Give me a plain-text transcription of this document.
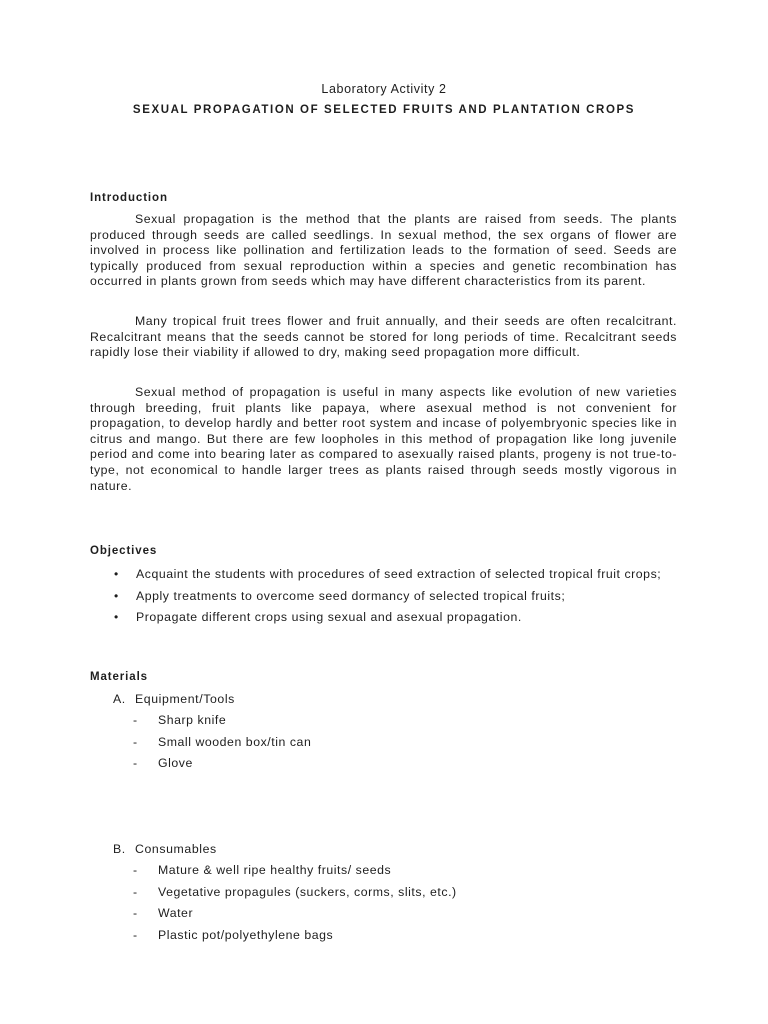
Laboratory Activity 2
SEXUAL PROPAGATION OF SELECTED FRUITS AND PLANTATION CROPS
Introduction

Sexual propagation is the method that the plants are raised from seeds. The plants produced through seeds are called seedlings. In sexual method, the sex organs of flower are involved in process like pollination and fertilization leads to the formation of seed. Seeds are typically produced from sexual reproduction within a species and genetic recombination has occurred in plants grown from seeds which may have different characteristics from its parent.

Many tropical fruit trees flower and fruit annually, and their seeds are often recalcitrant. Recalcitrant means that the seeds cannot be stored for long periods of time. Recalcitrant seeds rapidly lose their viability if allowed to dry, making seed propagation more difficult.

Sexual method of propagation is useful in many aspects like evolution of new varieties through breeding, fruit plants like papaya, where asexual method is not convenient for propagation, to develop hardly and better root system and incase of polyembryonic species like in citrus and mango. But there are few loopholes in this method of propagation like long juvenile period and come into bearing later as compared to asexually raised plants, progeny is not true-to-type, not economical to handle larger trees as plants raised through seeds mostly vigorous in nature.

Objectives
• Acquaint the students with procedures of seed extraction of selected tropical fruit crops;
• Apply treatments to overcome seed dormancy of selected tropical fruits;
• Propagate different crops using sexual and asexual propagation.
Materials
A. Equipment/Tools
- Sharp knife
- Small wooden box/tin can
- Glove
B. Consumables
- Mature & well ripe healthy fruits/ seeds
- Vegetative propagules (suckers, corms, slits, etc.)
- Water
- Plastic pot/polyethylene bags
